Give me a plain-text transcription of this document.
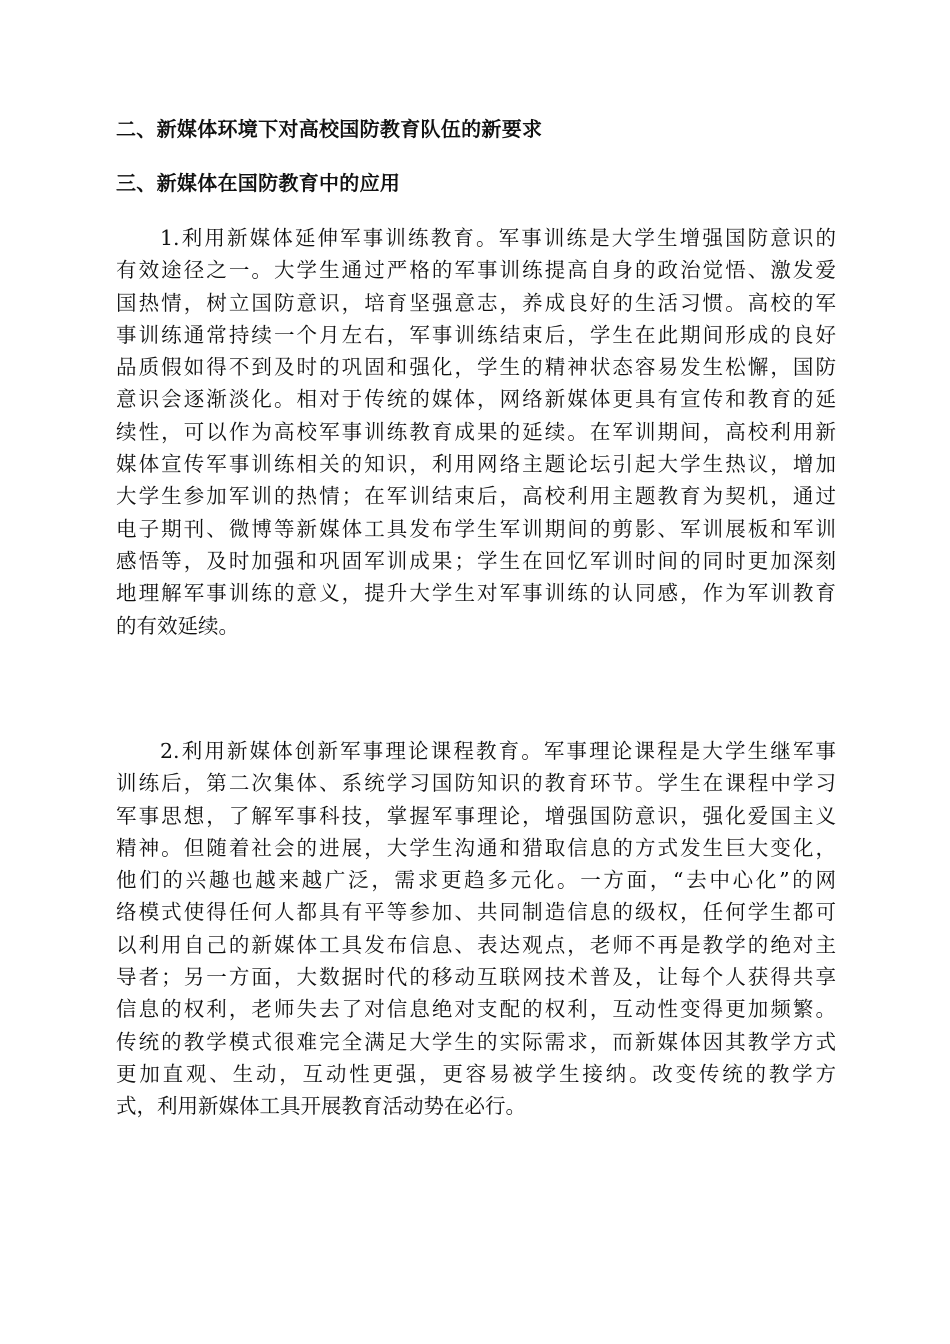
二、新媒体环境下对高校国防教育队伍的新要求
三、新媒体在国防教育中的应用
1.利用新媒体延伸军事训练教育。军事训练是大学生增强国防意识的
有效途径之一。大学生通过严格的军事训练提高自身的政治觉悟、激发爱
国热情，树立国防意识，培育坚强意志，养成良好的生活习惯。高校的军
事训练通常持续一个月左右，军事训练结束后，学生在此期间形成的良好
品质假如得不到及时的巩固和强化，学生的精神状态容易发生松懈，国防
意识会逐渐淡化。相对于传统的媒体，网络新媒体更具有宣传和教育的延
续性，可以作为高校军事训练教育成果的延续。在军训期间，高校利用新
媒体宣传军事训练相关的知识，利用网络主题论坛引起大学生热议，增加
大学生参加军训的热情；在军训结束后，高校利用主题教育为契机，通过
电子期刊、微博等新媒体工具发布学生军训期间的剪影、军训展板和军训
感悟等，及时加强和巩固军训成果；学生在回忆军训时间的同时更加深刻
地理解军事训练的意义，提升大学生对军事训练的认同感，作为军训教育
的有效延续。
2.利用新媒体创新军事理论课程教育。军事理论课程是大学生继军事
训练后，第二次集体、系统学习国防知识的教育环节。学生在课程中学习
军事思想，了解军事科技，掌握军事理论，增强国防意识，强化爱国主义
精神。但随着社会的进展，大学生沟通和猎取信息的方式发生巨大变化，
他们的兴趣也越来越广泛，需求更趋多元化。一方面，“去中心化”的网
络模式使得任何人都具有平等参加、共同制造信息的级权，任何学生都可
以利用自己的新媒体工具发布信息、表达观点，老师不再是教学的绝对主
导者；另一方面，大数据时代的移动互联网技术普及，让每个人获得共享
信息的权利，老师失去了对信息绝对支配的权利，互动性变得更加频繁。
传统的教学模式很难完全满足大学生的实际需求，而新媒体因其教学方式
更加直观、生动，互动性更强，更容易被学生接纳。改变传统的教学方
式，利用新媒体工具开展教育活动势在必行。
